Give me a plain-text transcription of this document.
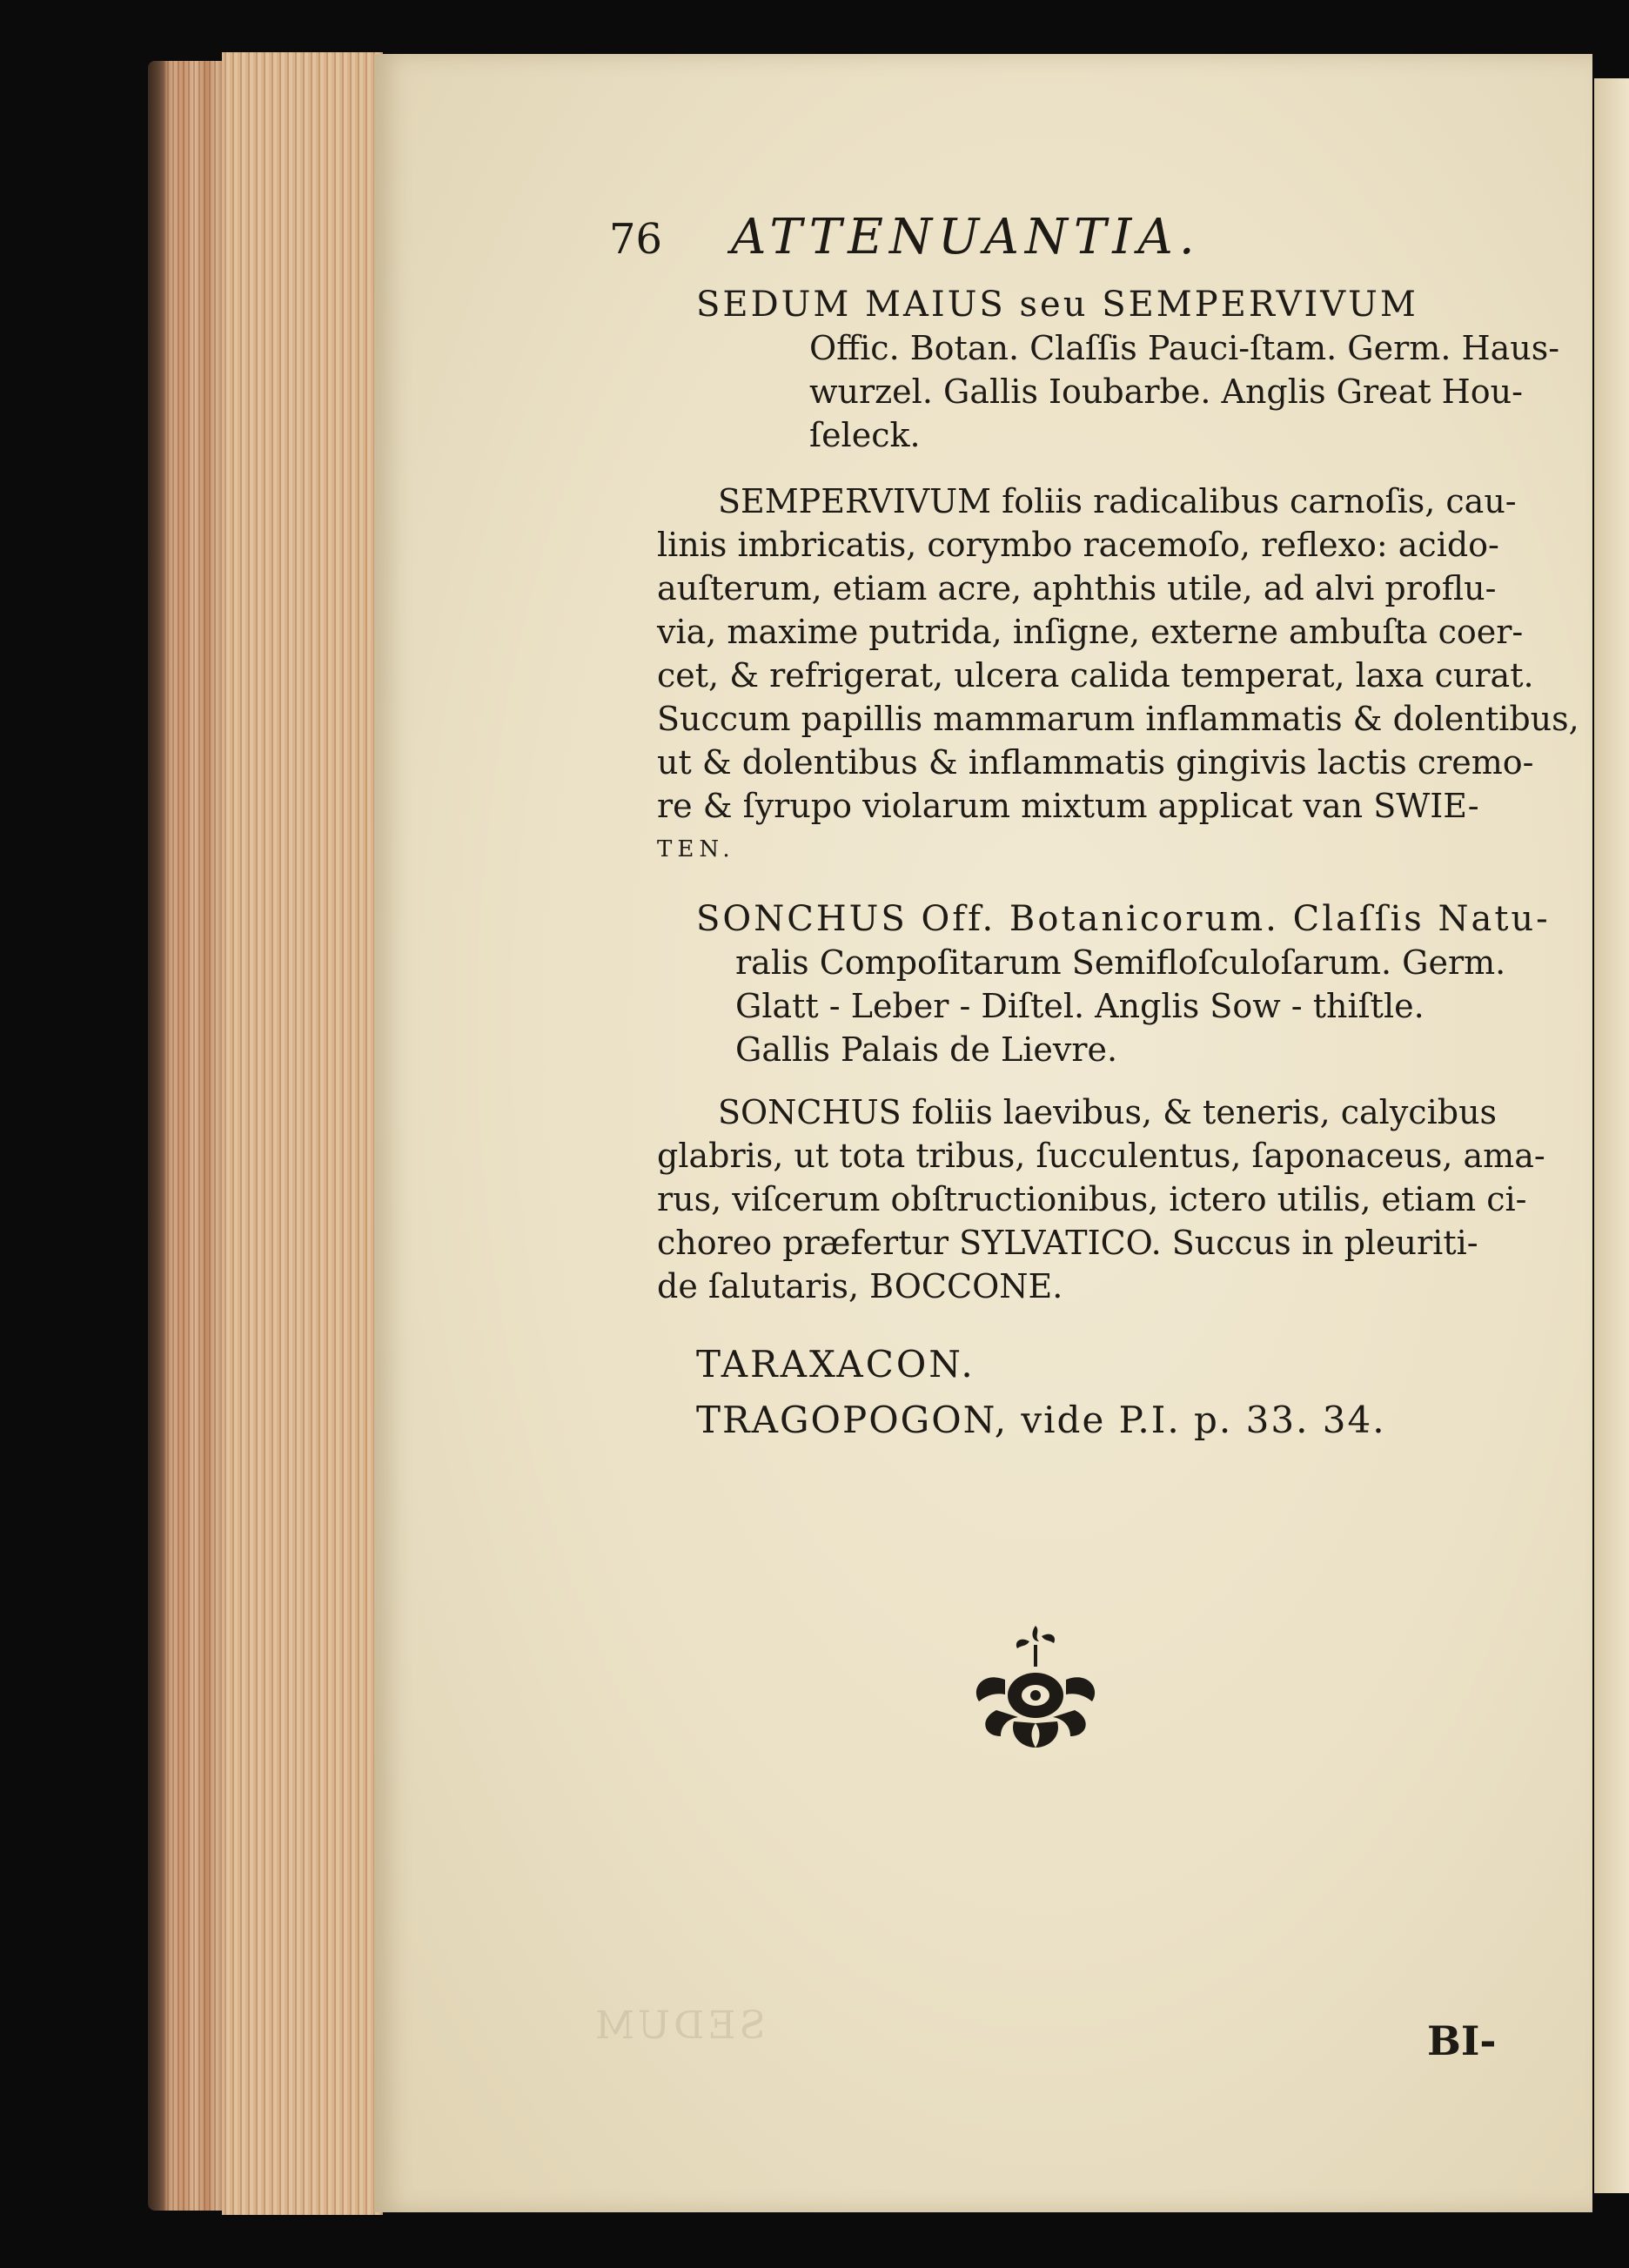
SEDUM
76	ATTENUANTIA.
SEDUM MAIUS seu SEMPERVIVUM
Offic. Botan. Claſſis Pauci-ſtam. Germ. Haus-
wurzel. Gallis Ioubarbe. Anglis Great Hou-
ſeleck.
SEMPERVIVUM foliis radicalibus carnoſis, cau-
linis imbricatis, corymbo racemoſo, reflexo: acido-
auſterum, etiam acre, aphthis utile, ad alvi proflu-
via, maxime putrida, inſigne, externe ambuſta coer-
cet, & refrigerat, ulcera calida temperat, laxa curat.
Succum papillis mammarum inflammatis & dolentibus,
ut & dolentibus & inflammatis gingivis lactis cremo-
re & ſyrupo violarum mixtum applicat van SWIE-
TEN.
SONCHUS Off. Botanicorum. Claſſis Natu-
ralis Compoſitarum Semifloſculoſarum. Germ.
Glatt - Leber - Diſtel. Anglis Sow - thiſtle.
Gallis Palais de Lievre.
SONCHUS foliis laevibus, & teneris, calycibus
glabris, ut tota tribus, ſucculentus, ſaponaceus, ama-
rus, viſcerum obſtructionibus, ictero utilis, etiam ci-
choreo præfertur SYLVATICO. Succus in pleuriti-
de ſalutaris, BOCCONE.
TARAXACON.
TRAGOPOGON, vide P.I. p. 33. 34.
BI-
